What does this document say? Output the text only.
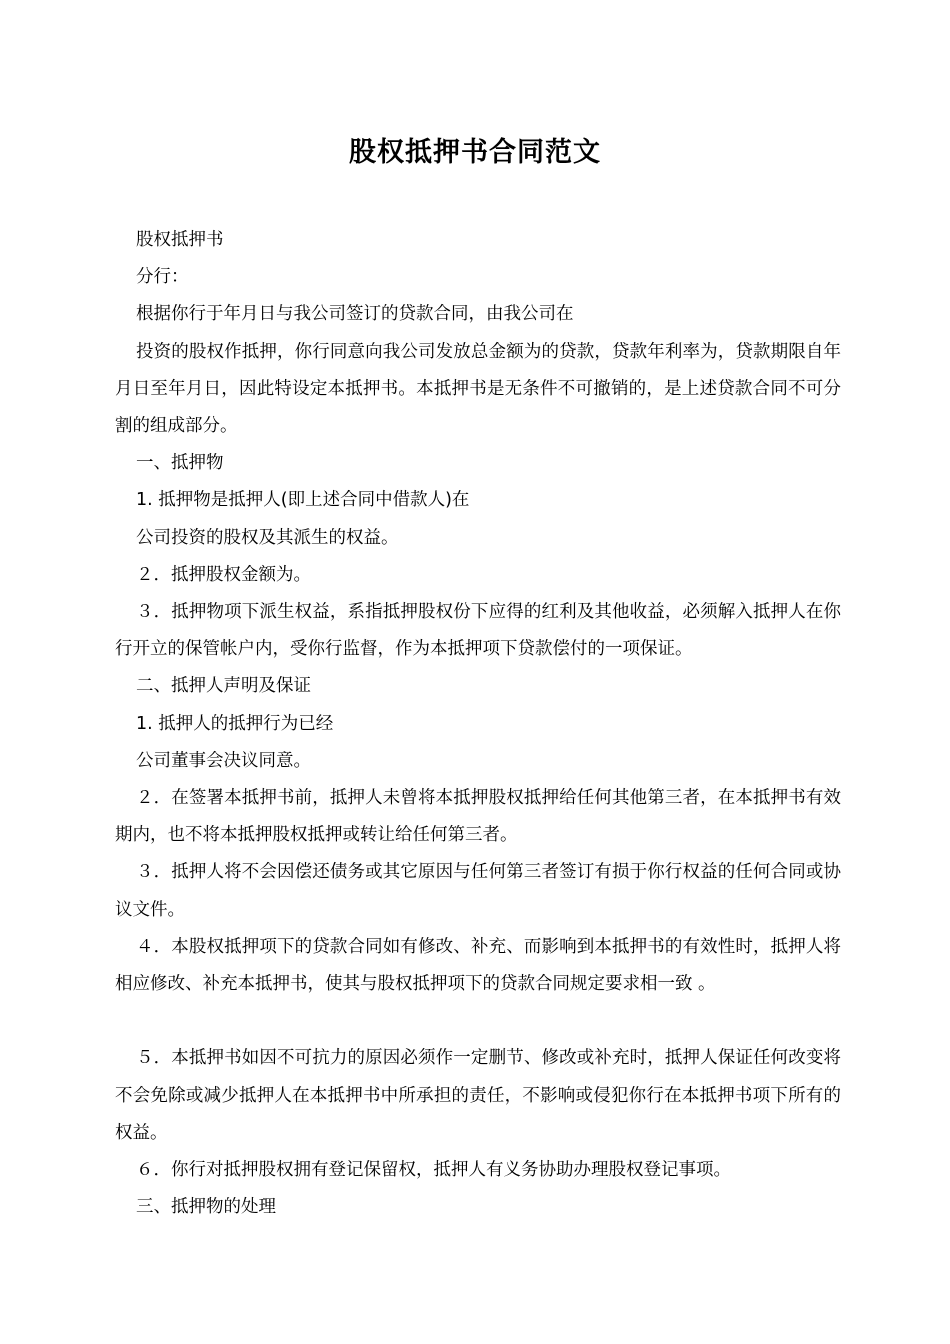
股权抵押书合同范文

股权抵押书

分行：

根据你行于年月日与我公司签订的贷款合同，由我公司在

投资的股权作抵押，你行同意向我公司发放总金额为的贷款，贷款年利率为，贷款期限自年月日至年月日，因此特设定本抵押书。本抵押书是无条件不可撤销的，是上述贷款合同不可分割的组成部分。

一、抵押物

1. 抵押物是抵押人(即上述合同中借款人)在

公司投资的股权及其派生的权益。

２．抵押股权金额为。

３．抵押物项下派生权益，系指抵押股权份下应得的红利及其他收益，必须解入抵押人在你行开立的保管帐户内，受你行监督，作为本抵押项下贷款偿付的一项保证。

二、抵押人声明及保证

1. 抵押人的抵押行为已经

公司董事会决议同意。

２．在签署本抵押书前，抵押人未曾将本抵押股权抵押给任何其他第三者，在本抵押书有效期内，也不将本抵押股权抵押或转让给任何第三者。

３．抵押人将不会因偿还债务或其它原因与任何第三者签订有损于你行权益的任何合同或协议文件。

４．本股权抵押项下的贷款合同如有修改、补充、而影响到本抵押书的有效性时，抵押人将相应修改、补充本抵押书，使其与股权抵押项下的贷款合同规定要求相一致 。

５．本抵押书如因不可抗力的原因必须作一定删节、修改或补充时，抵押人保证任何改变将不会免除或减少抵押人在本抵押书中所承担的责任，不影响或侵犯你行在本抵押书项下所有的权益。

６．你行对抵押股权拥有登记保留权，抵押人有义务协助办理股权登记事项。

三、抵押物的处理
